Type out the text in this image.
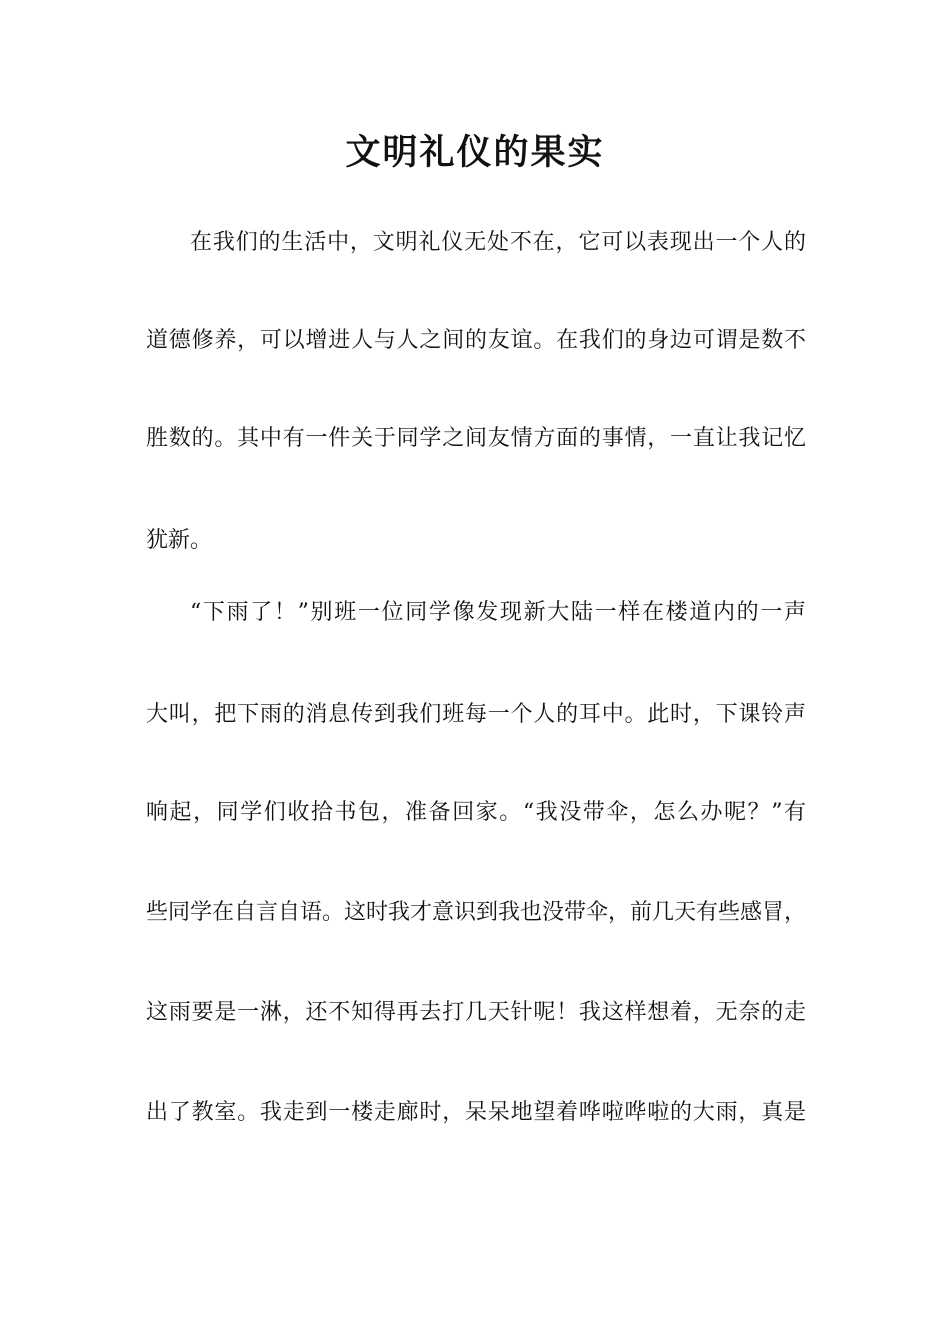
文明礼仪的果实
在我们的生活中，文明礼仪无处不在，它可以表现出一个人的
道德修养，可以增进人与人之间的友谊。在我们的身边可谓是数不
胜数的。其中有一件关于同学之间友情方面的事情，一直让我记忆
犹新。
“下雨了！”别班一位同学像发现新大陆一样在楼道内的一声
大叫，把下雨的消息传到我们班每一个人的耳中。此时，下课铃声
响起，同学们收拾书包，准备回家。“我没带伞，怎么办呢？”有
些同学在自言自语。这时我才意识到我也没带伞，前几天有些感冒，
这雨要是一淋，还不知得再去打几天针呢！我这样想着，无奈的走
出了教室。我走到一楼走廊时，呆呆地望着哗啦哗啦的大雨，真是
